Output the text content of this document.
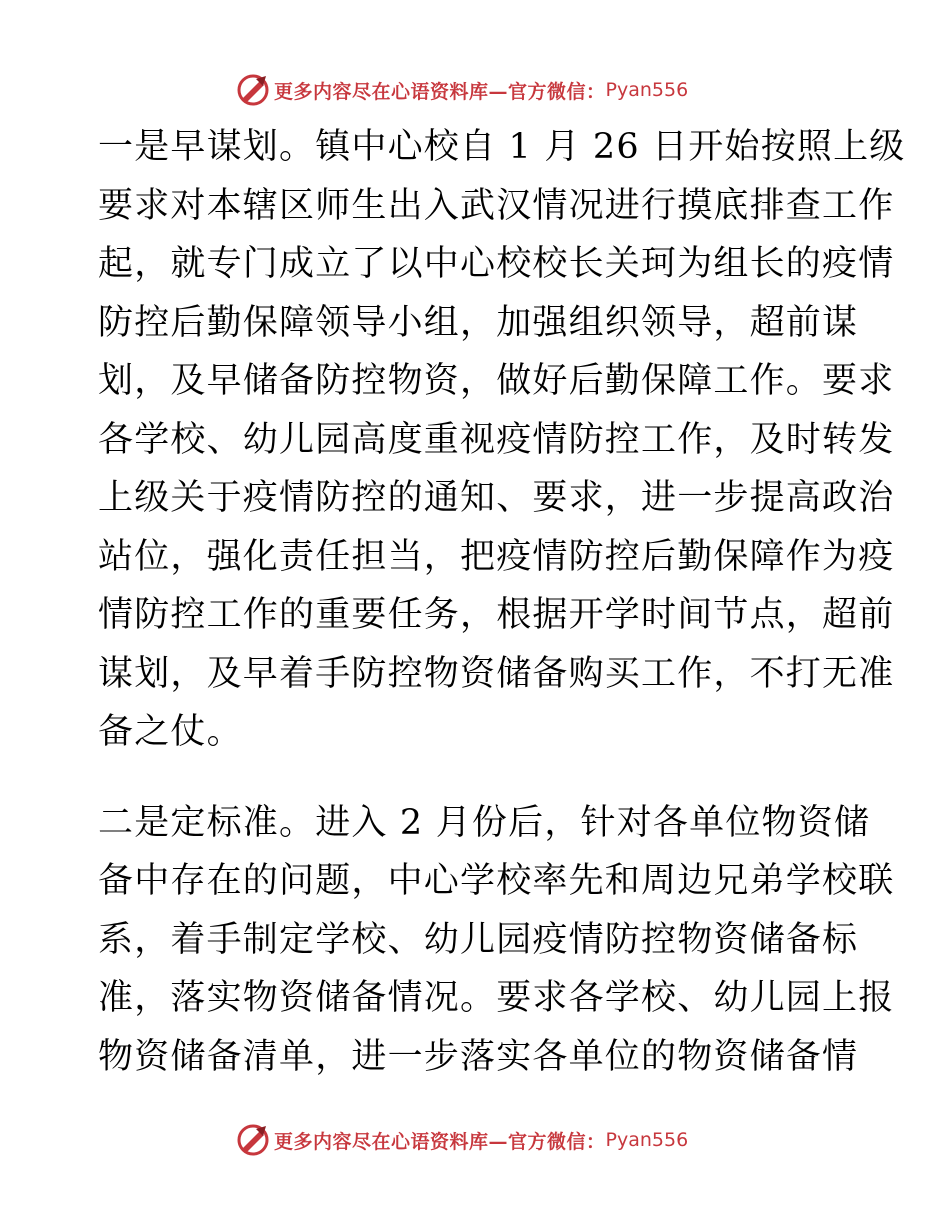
更多内容尽在心语资料库—官方微信： Pyan556
一是早谋划。镇中心校自 1 月 26 日开始按照上级
要求对本辖区师生出入武汉情况进行摸底排查工作
起，就专门成立了以中心校校长关珂为组长的疫情
防控后勤保障领导小组，加强组织领导，超前谋
划，及早储备防控物资，做好后勤保障工作。要求
各学校、幼儿园高度重视疫情防控工作，及时转发
上级关于疫情防控的通知、要求，进一步提高政治
站位，强化责任担当，把疫情防控后勤保障作为疫
情防控工作的重要任务，根据开学时间节点，超前
谋划，及早着手防控物资储备购买工作，不打无准
备之仗。
二是定标准。进入 2 月份后，针对各单位物资储
备中存在的问题，中心学校率先和周边兄弟学校联
系，着手制定学校、幼儿园疫情防控物资储备标
准，落实物资储备情况。要求各学校、幼儿园上报
物资储备清单，进一步落实各单位的物资储备情
更多内容尽在心语资料库—官方微信： Pyan556
